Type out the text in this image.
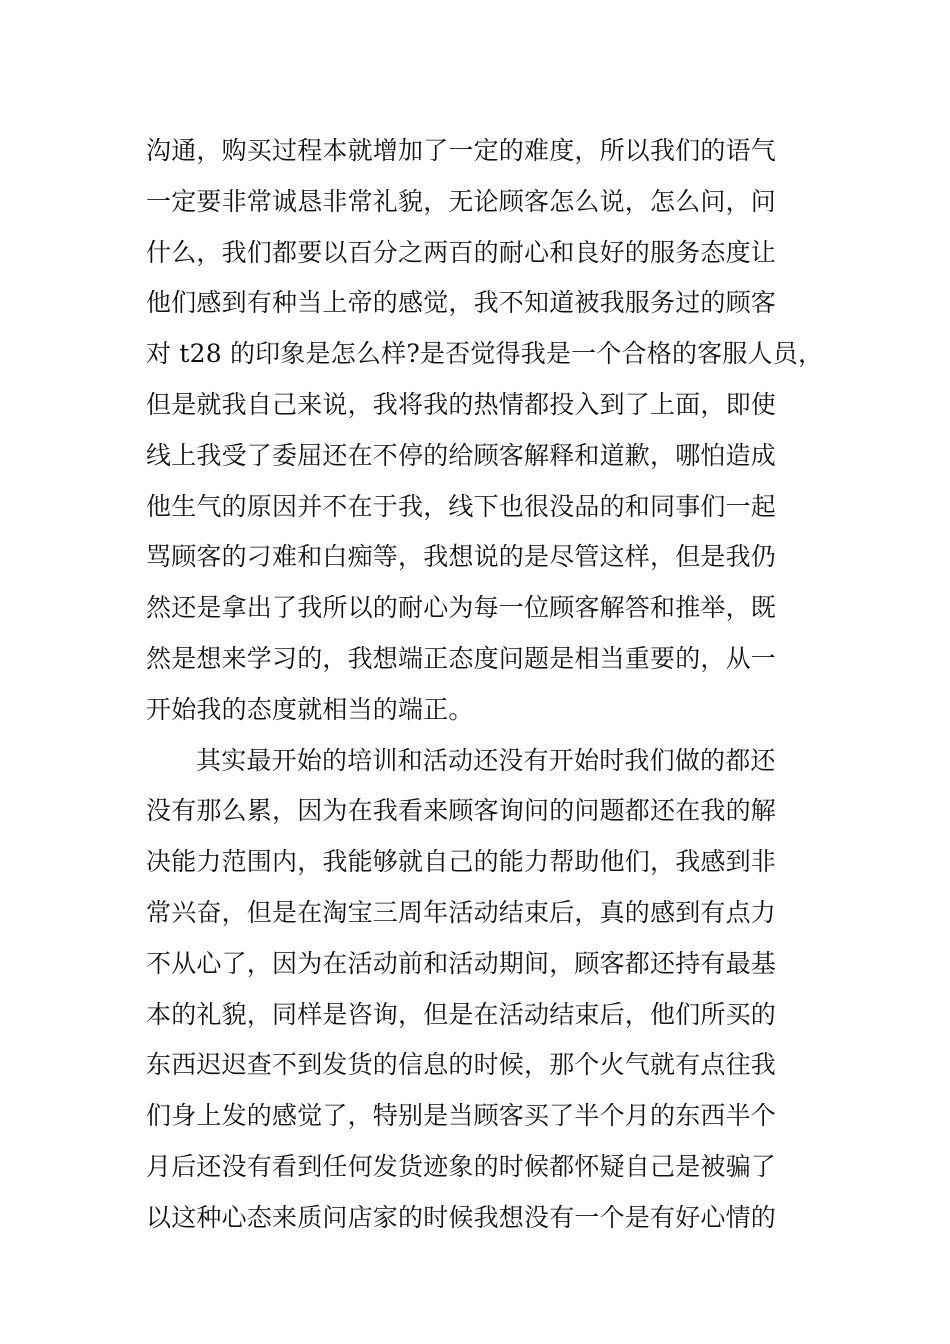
沟通，购买过程本就增加了一定的难度，所以我们的语气
一定要非常诚恳非常礼貌，无论顾客怎么说，怎么问，问
什么，我们都要以百分之两百的耐心和良好的服务态度让
他们感到有种当上帝的感觉，我不知道被我服务过的顾客
对 t28 的印象是怎么样?是否觉得我是一个合格的客服人员，
但是就我自己来说，我将我的热情都投入到了上面，即使
线上我受了委屈还在不停的给顾客解释和道歉，哪怕造成
他生气的原因并不在于我，线下也很没品的和同事们一起
骂顾客的刁难和白痴等，我想说的是尽管这样，但是我仍
然还是拿出了我所以的耐心为每一位顾客解答和推举，既
然是想来学习的，我想端正态度问题是相当重要的，从一
开始我的态度就相当的端正。
其实最开始的培训和活动还没有开始时我们做的都还
没有那么累，因为在我看来顾客询问的问题都还在我的解
决能力范围内，我能够就自己的能力帮助他们，我感到非
常兴奋，但是在淘宝三周年活动结束后，真的感到有点力
不从心了，因为在活动前和活动期间，顾客都还持有最基
本的礼貌，同样是咨询，但是在活动结束后，他们所买的
东西迟迟查不到发货的信息的时候，那个火气就有点往我
们身上发的感觉了，特别是当顾客买了半个月的东西半个
月后还没有看到任何发货迹象的时候都怀疑自己是被骗了
以这种心态来质问店家的时候我想没有一个是有好心情的
